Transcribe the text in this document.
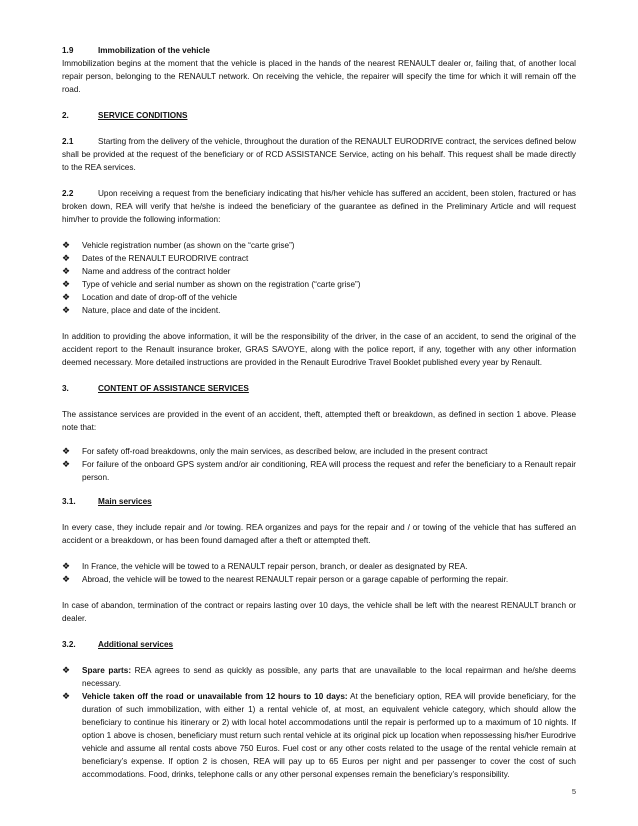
1.9	Immobilization of the vehicle

Immobilization begins at the moment that the vehicle is placed in the hands of the nearest RENAULT dealer or, failing that, of another local repair person, belonging to the RENAULT network. On receiving the vehicle, the repairer will specify the time for which it will remain off the road.

2.	SERVICE CONDITIONS

2.1	Starting from the delivery of the vehicle, throughout the duration of the RENAULT EURODRIVE contract, the services defined below shall be provided at the request of the beneficiary or of RCD ASSISTANCE Service, acting on his behalf. This request shall be made directly to the REA services.

2.2	Upon receiving a request from the beneficiary indicating that his/her vehicle has suffered an accident, been stolen, fractured or has broken down, REA will verify that he/she is indeed the beneficiary of the guarantee as defined in the Preliminary Article and will request him/her to provide the following information:

❖ Vehicle registration number (as shown on the “carte grise”)
❖ Dates of the RENAULT EURODRIVE contract
❖ Name and address of the contract holder
❖ Type of vehicle and serial number as shown on the registration (“carte grise”)
❖ Location and date of drop-off of the vehicle
❖ Nature, place and date of the incident.

In addition to providing the above information, it will be the responsibility of the driver, in the case of an accident, to send the original of the accident report to the Renault insurance broker, GRAS SAVOYE, along with the police report, if any, together with any other information deemed necessary. More detailed instructions are provided in the Renault Eurodrive Travel Booklet published every year by Renault.

3.	CONTENT OF ASSISTANCE SERVICES

The assistance services are provided in the event of an accident, theft, attempted theft or breakdown, as defined in section 1 above. Please note that:

❖ For safety off-road breakdowns, only the main services, as described below, are included in the present contract
❖ For failure of the onboard GPS system and/or air conditioning, REA will process the request and refer the beneficiary to a Renault repair person.
3.1.	Main services

In every case, they include repair and /or towing. REA organizes and pays for the repair and / or towing of the vehicle that has suffered an accident or a breakdown, or has been found damaged after a theft or attempted theft.

❖ In France, the vehicle will be towed to a RENAULT repair person, branch, or dealer as designated by REA.
❖ Abroad, the vehicle will be towed to the nearest RENAULT repair person or a garage capable of performing the repair.

In case of abandon, termination of the contract or repairs lasting over 10 days, the vehicle shall be left with the nearest RENAULT branch or dealer.

3.2.	Additional services
❖ Spare parts: REA agrees to send as quickly as possible, any parts that are unavailable to the local repairman and he/she deems necessary.
❖ Vehicle taken off the road or unavailable from 12 hours to 10 days: At the beneficiary option, REA will provide beneficiary, for the duration of such immobilization, with either 1) a rental vehicle of, at most, an equivalent vehicle category, which should allow the beneficiary to continue his itinerary or 2) with local hotel accommodations until the repair is performed up to a maximum of 10 nights. If option 1 above is chosen, beneficiary must return such rental vehicle at its original pick up location when repossessing his/her Eurodrive vehicle and assume all rental costs above 750 Euros. Fuel cost or any other costs related to the usage of the rental vehicle remain at beneficiary’s expense. If option 2 is chosen, REA will pay up to 65 Euros per night and per passenger to cover the cost of such accommodations. Food, drinks, telephone calls or any other personal expenses remain the beneficiary’s responsibility.
5
